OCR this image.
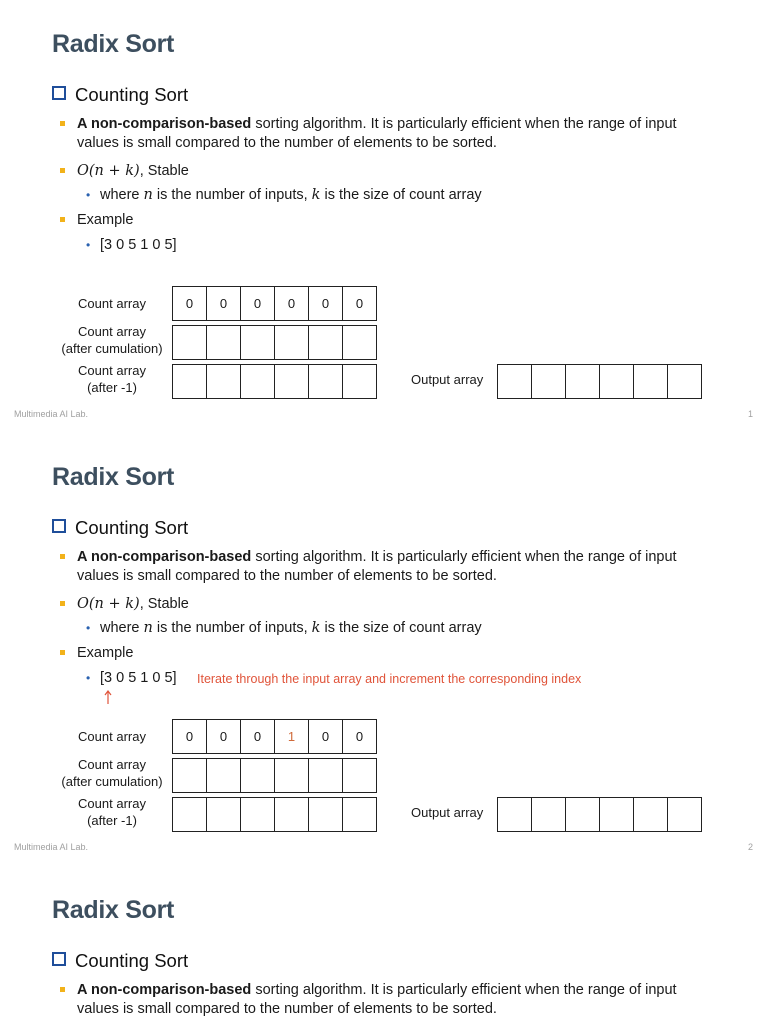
Radix Sort
Counting Sort
A non-comparison-based sorting algorithm. It is particularly efficient when the range of input values is small compared to the number of elements to be sorted.
O(n + k), Stable
• where n is the number of inputs, k is the size of count array
Example
• [3 0 5 1 0 5]
Count array	0	0	0	0	0	0
Count array
(after cumulation)
Count array
(after -1)
Output array
Multimedia AI Lab.	1
Radix Sort
Counting Sort
A non-comparison-based sorting algorithm. It is particularly efficient when the range of input values is small compared to the number of elements to be sorted.
O(n + k), Stable
• where n is the number of inputs, k is the size of count array
Example
• [3 0 5 1 0 5] Iterate through the input array and increment the corresponding index
Count array	0	0	0	1	0	0
Count array
(after cumulation)
Count array
(after -1)
Output array
Multimedia AI Lab.	2
Radix Sort
Counting Sort
A non-comparison-based sorting algorithm. It is particularly efficient when the range of input values is small compared to the number of elements to be sorted.
